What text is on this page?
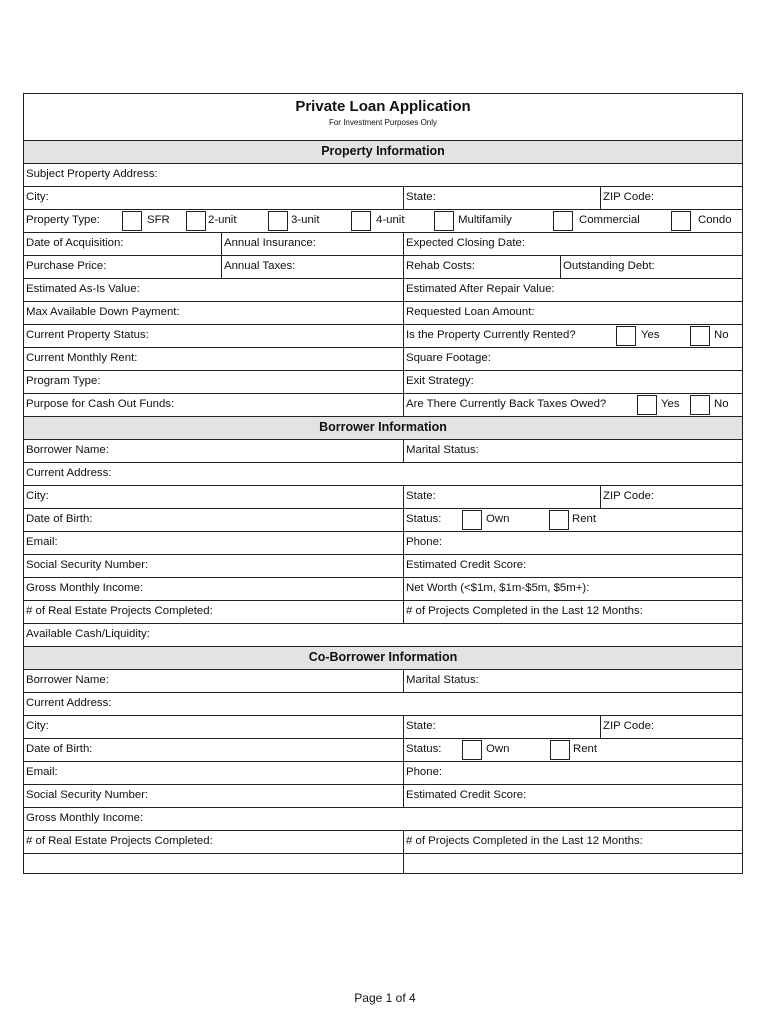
Private Loan Application
For Investment Purposes Only
Property Information
Subject Property Address:
City:	State:	ZIP Code:
Property Type:	SFR	2-unit	3-unit	4-unit	Multifamily	Commercial	Condo
Date of Acquisition:	Annual Insurance:	Expected Closing Date:
Purchase Price:	Annual Taxes:	Rehab Costs:	Outstanding Debt:
Estimated As-Is Value:	Estimated After Repair Value:
Max Available Down Payment:	Requested Loan Amount:
Current Property Status:	Is the Property Currently Rented?	Yes	No
Current Monthly Rent:	Square Footage:
Program Type:	Exit Strategy:
Purpose for Cash Out Funds:	Are There Currently Back Taxes Owed?	Yes	No
Borrower Information
Borrower Name:	Marital Status:
Current Address:
City:	State:	ZIP Code:
Date of Birth:	Status:	Own	Rent
Email:	Phone:
Social Security Number:	Estimated Credit Score:
Gross Monthly Income:	Net Worth (<$1m, $1m-$5m, $5m+):
# of Real Estate Projects Completed:	# of Projects Completed in the Last 12 Months:
Available Cash/Liquidity:
Co-Borrower Information
Borrower Name:	Marital Status:
Current Address:
City:	State:	ZIP Code:
Date of Birth:	Status:	Own	Rent
Email:	Phone:
Social Security Number:	Estimated Credit Score:
Gross Monthly Income:
# of Real Estate Projects Completed:	# of Projects Completed in the Last 12 Months:
Page 1 of 4
